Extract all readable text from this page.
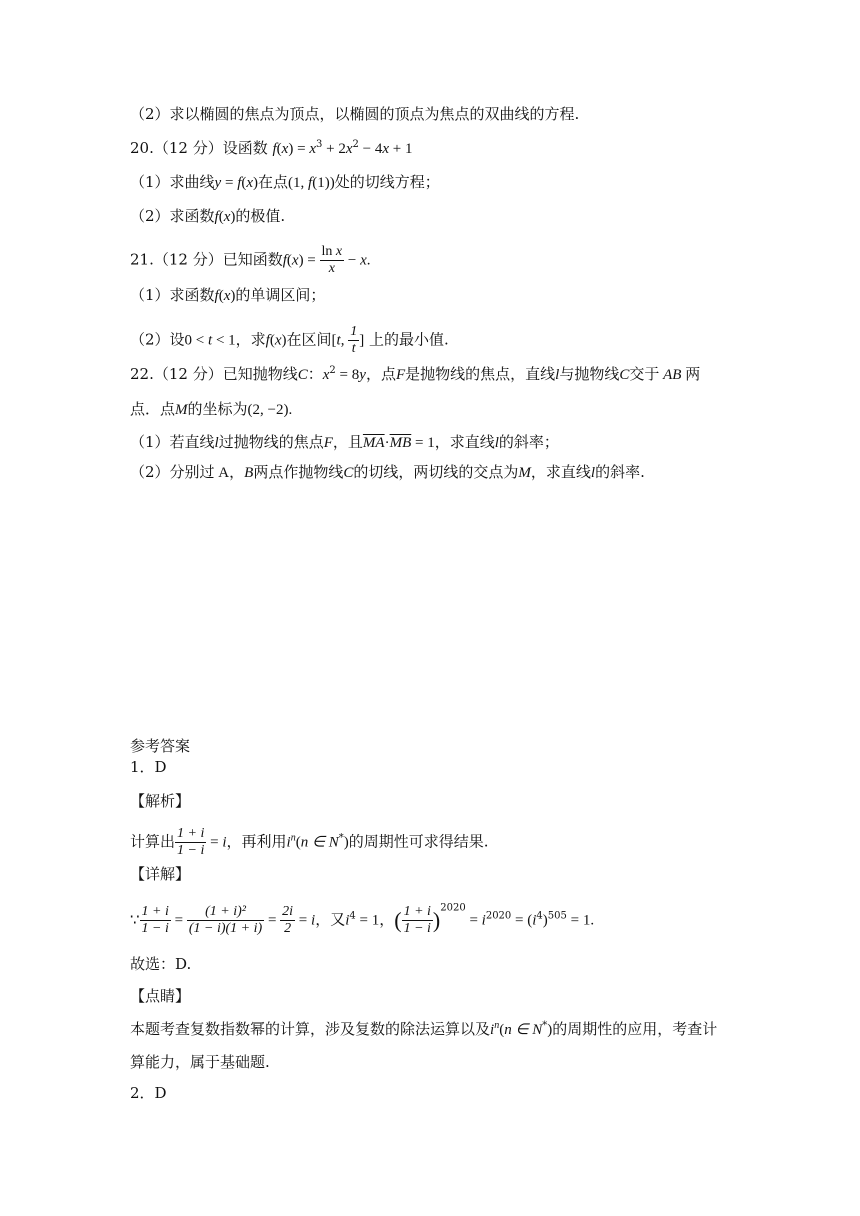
（2）求以椭圆的焦点为顶点，以椭圆的顶点为焦点的双曲线的方程.
20.（12 分）设函数 $f(x) = x^3 + 2x^2 - 4x + 1$
（1）求曲线y = f(x)在点(1, f(1))处的切线方程；
（2）求函数f(x)的极值.
21.（12 分）已知函数$f(x) = \frac{\text{ln x}}{x} - x$.
（1）求函数f(x)的单调区间；
（2）设0 < t < 1，求f(x)在区间[t, $\frac{1}{t}$ ] 上的最小值.
22.（12 分）已知抛物线C：$x^2 = 8y$，点F是抛物线的焦点，直线l与抛物线C交于 AB 两
点．点M的坐标为(2, −2).
（1）若直线l过抛物线的焦点F，且$\overline{MA}\cdot\overline{MB} = 1$，求直线l的斜率；
（2）分别过 A，B两点作抛物线C的切线，两切线的交点为M，求直线l的斜率.
参考答案
1．D
【解析】
计算出 $\frac{1 + i}{1 - i} = i$，再利用$i^n(n$ ∈ N*)的周期性可求得结果.
【详解】
∵ $\frac{1 + i}{1 - i} = \frac{\text{(1 + i)²}}{(1 - i)(1 + i)} = \frac{2i}{2} = i$，又$i^4 = 1$，( $\frac{1 + i}{1 - i} )^{2020} = i^{2020} = (i^4)^{505} = 1$.
故选：D.
【点睛】
本题考查复数指数幂的计算，涉及复数的除法运算以及$i^n(n$ ∈ N*)的周期性的应用，考查计
算能力，属于基础题.
2．D
